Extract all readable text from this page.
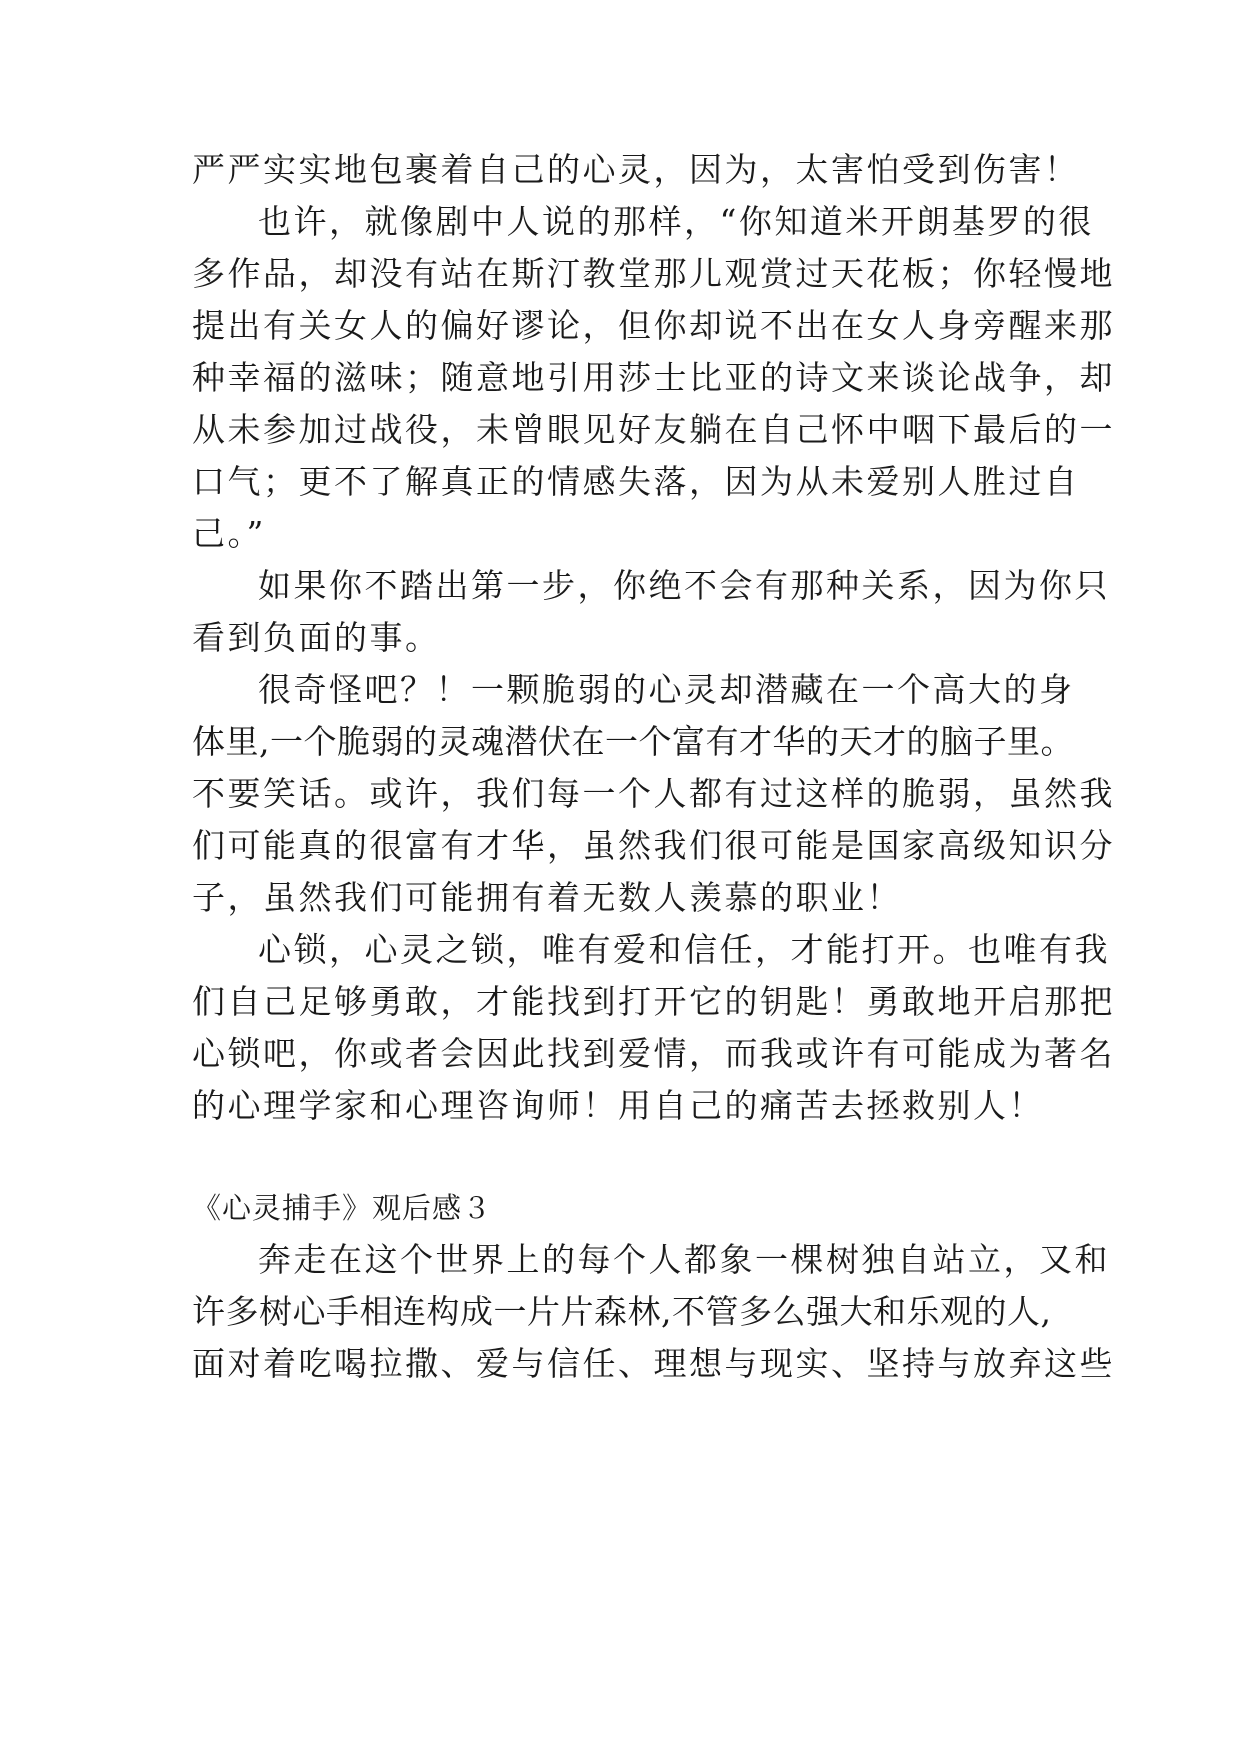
严严实实地包裹着自己的心灵，因为，太害怕受到伤害！
也许，就像剧中人说的那样，“你知道米开朗基罗的很
多作品，却没有站在斯汀教堂那儿观赏过天花板；你轻慢地
提出有关女人的偏好谬论，但你却说不出在女人身旁醒来那
种幸福的滋味；随意地引用莎士比亚的诗文来谈论战争，却
从未参加过战役，未曾眼见好友躺在自己怀中咽下最后的一
口气；更不了解真正的情感失落，因为从未爱别人胜过自
己。”
如果你不踏出第一步，你绝不会有那种关系，因为你只
看到负面的事。
很奇怪吧？！一颗脆弱的心灵却潜藏在一个高大的身
体里,一个脆弱的灵魂潜伏在一个富有才华的天才的脑子里。
不要笑话。或许，我们每一个人都有过这样的脆弱，虽然我
们可能真的很富有才华，虽然我们很可能是国家高级知识分
子，虽然我们可能拥有着无数人羡慕的职业！
心锁，心灵之锁，唯有爱和信任，才能打开。也唯有我
们自己足够勇敢，才能找到打开它的钥匙！勇敢地开启那把
心锁吧，你或者会因此找到爱情，而我或许有可能成为著名
的心理学家和心理咨询师！用自己的痛苦去拯救别人！
《心灵捕手》观后感３
奔走在这个世界上的每个人都象一棵树独自站立，又和
许多树心手相连构成一片片森林,不管多么强大和乐观的人,
面对着吃喝拉撒、爱与信任、理想与现实、坚持与放弃这些
